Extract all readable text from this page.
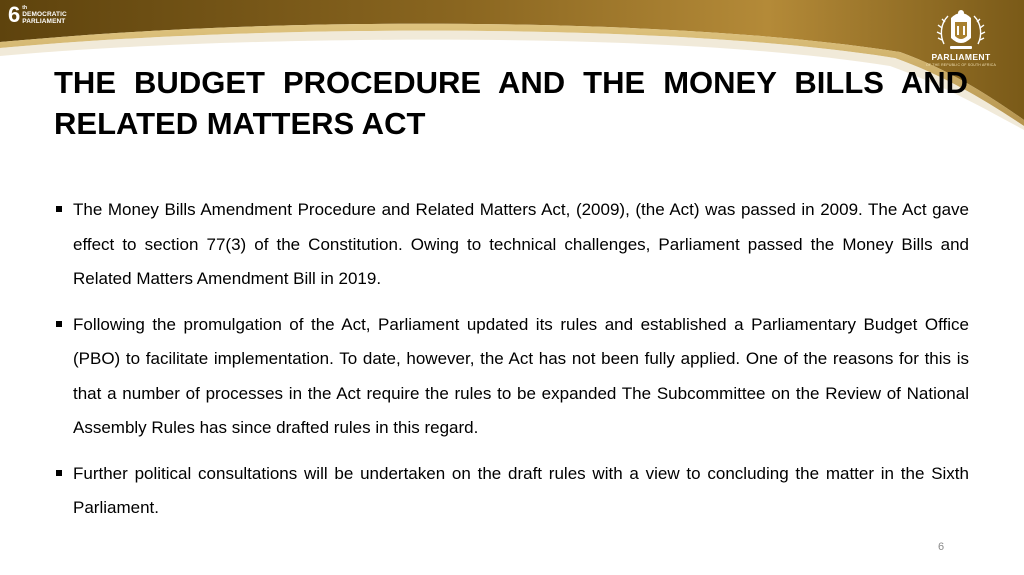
6 th
DEMOCRATIC
PARLIAMENT
PARLIAMENT
OF THE REPUBLIC OF SOUTH AFRICA
THE BUDGET PROCEDURE AND THE MONEY BILLS AND RELATED MATTERS ACT
The Money Bills Amendment Procedure and Related Matters Act, (2009), (the Act) was passed in 2009. The Act gave effect to section 77(3) of the Constitution. Owing to technical challenges, Parliament passed the Money Bills and Related Matters Amendment Bill in 2019.
Following the promulgation of the Act, Parliament updated its rules and established a Parliamentary Budget Office (PBO) to facilitate implementation. To date, however, the Act has not been fully applied. One of the reasons for this is that a number of processes in the Act require the rules to be expanded The Subcommittee on the Review of National Assembly Rules has since drafted rules in this regard.
Further political consultations will be undertaken on the draft rules with a view to concluding the matter in the Sixth Parliament.
6
